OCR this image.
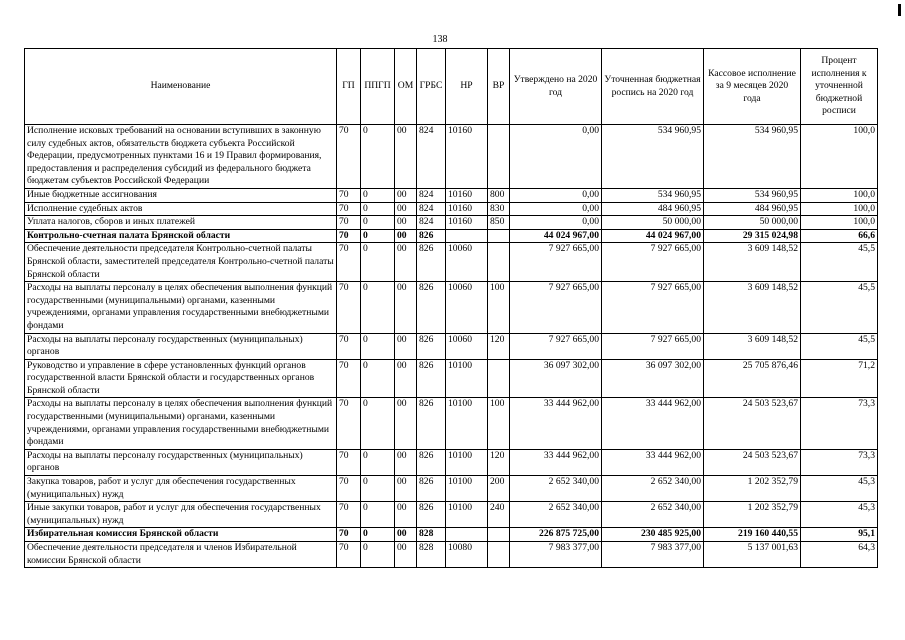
138
Наименование	ГП	ППГП	ОМ	ГРБС	НР	ВР	Утверждено на 2020 год	Уточненная бюджетная роспись на 2020 год	Кассовое исполнение за 9 месяцев 2020 года	Процент исполнения к уточненной бюджетной росписи
Исполнение исковых требований на основании вступивших в законную силу судебных актов, обязательств бюджета субъекта Российской Федерации, предусмотренных пунктами 16 и 19 Правил формирования, предоставления и распределения субсидий из федерального бюджета бюджетам субъектов Российской Федерации	70	0	00	824	10160		0,00	534 960,95	534 960,95	100,0
Иные бюджетные ассигнования	70	0	00	824	10160	800	0,00	534 960,95	534 960,95	100,0
Исполнение судебных актов	70	0	00	824	10160	830	0,00	484 960,95	484 960,95	100,0
Уплата налогов, сборов и иных платежей	70	0	00	824	10160	850	0,00	50 000,00	50 000,00	100,0
Контрольно-счетная палата Брянской области	70	0	00	826			44 024 967,00	44 024 967,00	29 315 024,98	66,6
Обеспечение деятельности председателя Контрольно-счетной палаты Брянской области, заместителей председателя Контрольно-счетной палаты Брянской области	70	0	00	826	10060		7 927 665,00	7 927 665,00	3 609 148,52	45,5
Расходы на выплаты персоналу в целях обеспечения выполнения функций государственными (муниципальными) органами, казенными учреждениями, органами управления государственными внебюджетными фондами	70	0	00	826	10060	100	7 927 665,00	7 927 665,00	3 609 148,52	45,5
Расходы на выплаты персоналу государственных (муниципальных) органов	70	0	00	826	10060	120	7 927 665,00	7 927 665,00	3 609 148,52	45,5
Руководство и управление в сфере установленных функций органов государственной власти Брянской области и государственных органов Брянской области	70	0	00	826	10100		36 097 302,00	36 097 302,00	25 705 876,46	71,2
Расходы на выплаты персоналу в целях обеспечения выполнения функций государственными (муниципальными) органами, казенными учреждениями, органами управления государственными внебюджетными фондами	70	0	00	826	10100	100	33 444 962,00	33 444 962,00	24 503 523,67	73,3
Расходы на выплаты персоналу государственных (муниципальных) органов	70	0	00	826	10100	120	33 444 962,00	33 444 962,00	24 503 523,67	73,3
Закупка товаров, работ и услуг для обеспечения государственных (муниципальных) нужд	70	0	00	826	10100	200	2 652 340,00	2 652 340,00	1 202 352,79	45,3
Иные закупки товаров, работ и услуг для обеспечения государственных (муниципальных) нужд	70	0	00	826	10100	240	2 652 340,00	2 652 340,00	1 202 352,79	45,3
Избирательная комиссия Брянской области	70	0	00	828			226 875 725,00	230 485 925,00	219 160 440,55	95,1
Обеспечение деятельности председателя и членов Избирательной комиссии Брянской области	70	0	00	828	10080		7 983 377,00	7 983 377,00	5 137 001,63	64,3
